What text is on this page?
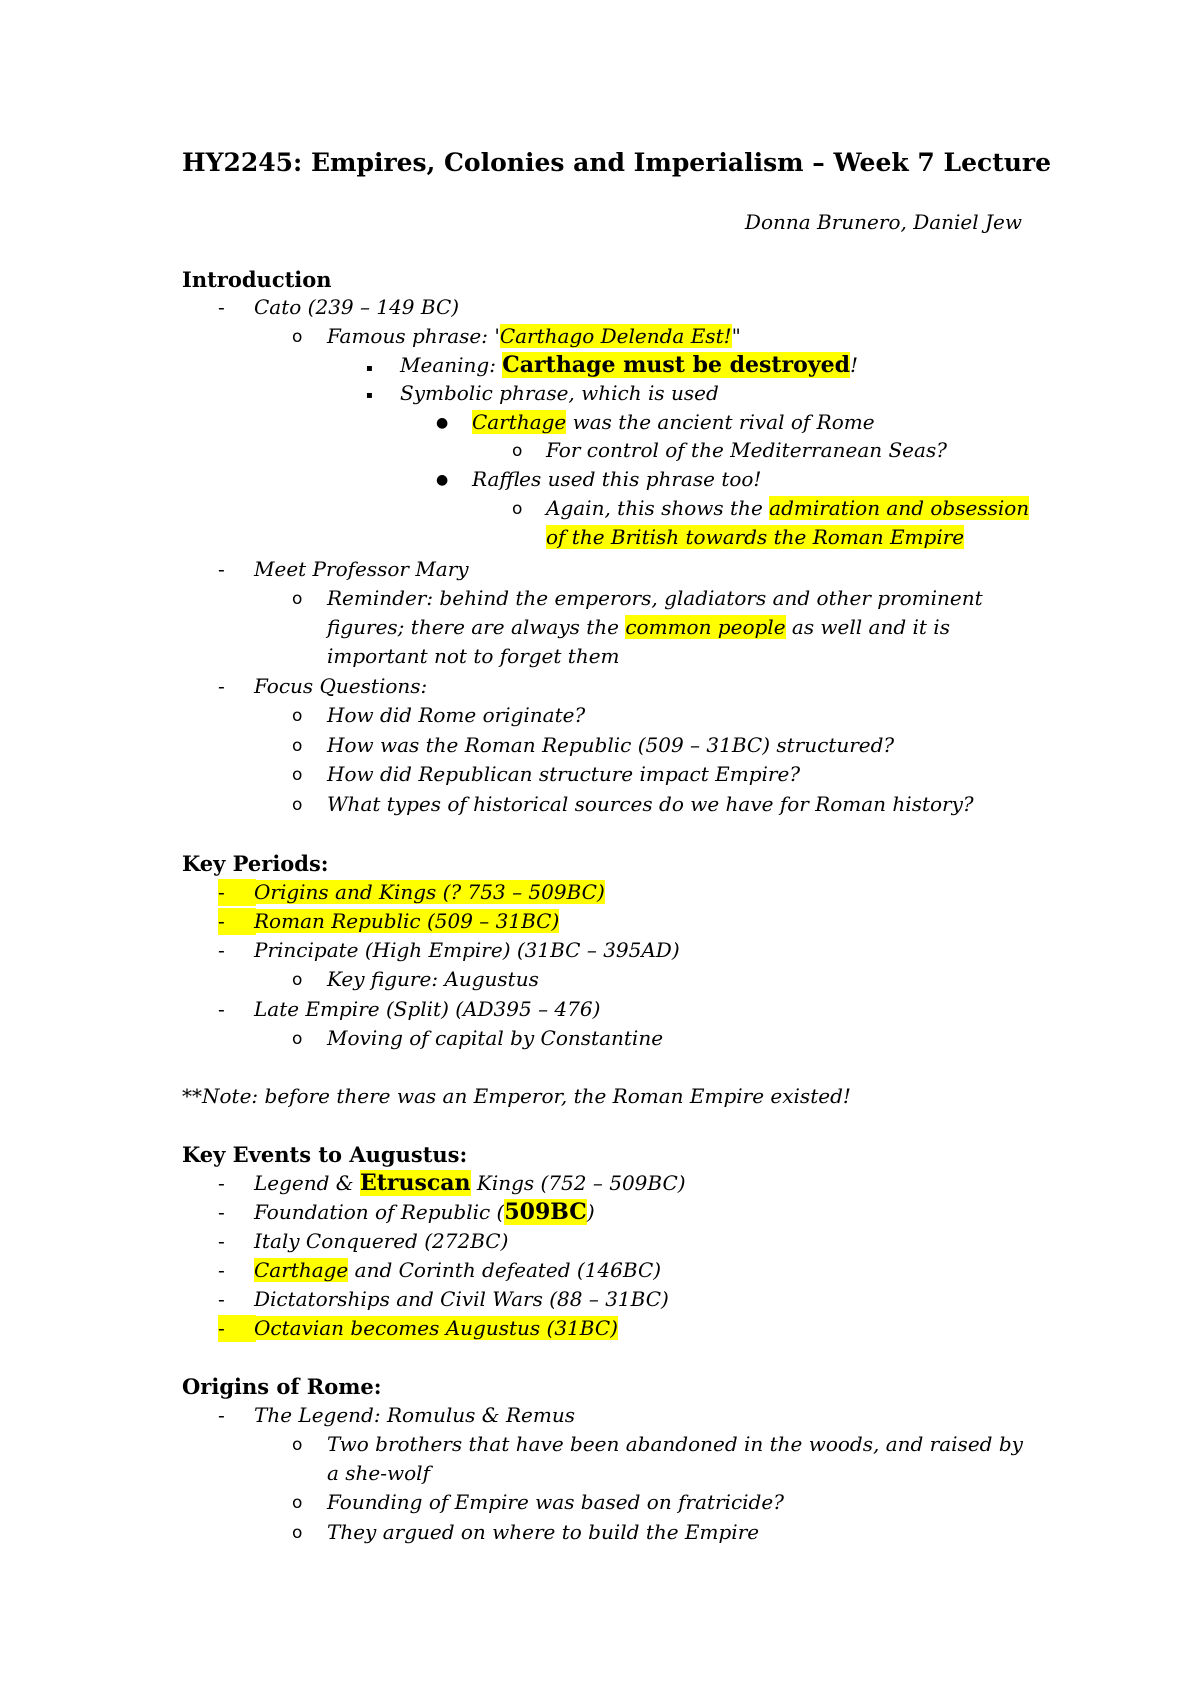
HY2245: Empires, Colonies and Imperialism – Week 7 Lecture
Donna Brunero, Daniel Jew
Introduction
-	Cato (239 – 149 BC)
o Famous phrase: 'Carthago Delenda Est!"
▪ Meaning: Carthage must be destroyed!
▪ Symbolic phrase, which is used
● Carthage was the ancient rival of Rome
o For control of the Mediterranean Seas?
● Raffles used this phrase too!
o Again, this shows the admiration and obsession
of the British towards the Roman Empire
-	Meet Professor Mary
o Reminder: behind the emperors, gladiators and other prominent
figures; there are always the common people as well and it is
important not to forget them
-	Focus Questions:
o How did Rome originate?
o How was the Roman Republic (509 – 31BC) structured?
o How did Republican structure impact Empire?
o What types of historical sources do we have for Roman history?
Key Periods:
-	Origins and Kings (? 753 – 509BC)
-	Roman Republic (509 – 31BC)
-	Principate (High Empire) (31BC – 395AD)
o Key figure: Augustus
-	Late Empire (Split) (AD395 – 476)
o Moving of capital by Constantine
**Note: before there was an Emperor, the Roman Empire existed!
Key Events to Augustus:
-	Legend & Etruscan Kings (752 – 509BC)
-	Foundation of Republic (509BC)
-	Italy Conquered (272BC)
-	Carthage and Corinth defeated (146BC)
-	Dictatorships and Civil Wars (88 – 31BC)
-	Octavian becomes Augustus (31BC)
Origins of Rome:
-	The Legend: Romulus & Remus
o Two brothers that have been abandoned in the woods, and raised by
a she-wolf
o Founding of Empire was based on fratricide?
o They argued on where to build the Empire
